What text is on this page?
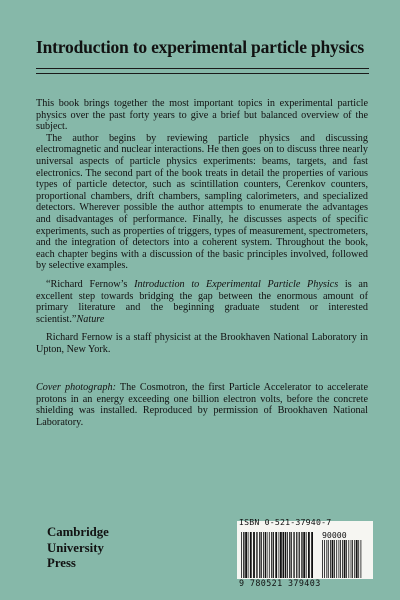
Introduction to experimental particle physics

This book brings together the most important topics in experimental particle physics over the past forty years to give a brief but balanced overview of the subject.

The author begins by reviewing particle physics and discussing electromagnetic and nuclear interactions. He then goes on to discuss three nearly universal aspects of particle physics experiments: beams, targets, and fast electronics. The second part of the book treats in detail the properties of various types of particle detector, such as scintillation counters, Cerenkov counters, proportional chambers, drift chambers, sampling calorimeters, and specialized detectors. Wherever possible the author attempts to enumerate the advantages and disadvantages of performance. Finally, he discusses aspects of specific experiments, such as properties of triggers, types of measurement, spectrometers, and the integration of detectors into a coherent system. Throughout the book, each chapter begins with a discussion of the basic principles involved, followed by selective examples.

“Richard Fernow’s Introduction to Experimental Particle Physics is an excellent step towards bridging the gap between the enormous amount of primary literature and the beginning graduate student or interested scientist.”Nature

Richard Fernow is a staff physicist at the Brookhaven National Laboratory in Upton, New York.

Cover photograph: The Cosmotron, the first Particle Accelerator to accelerate protons in an energy exceeding one billion electron volts, before the concrete shielding was installed. Reproduced by permission of Brookhaven National Laboratory.

Cambridge
University
Press
ISBN 0-521-37940-7
90000
9 780521 379403
